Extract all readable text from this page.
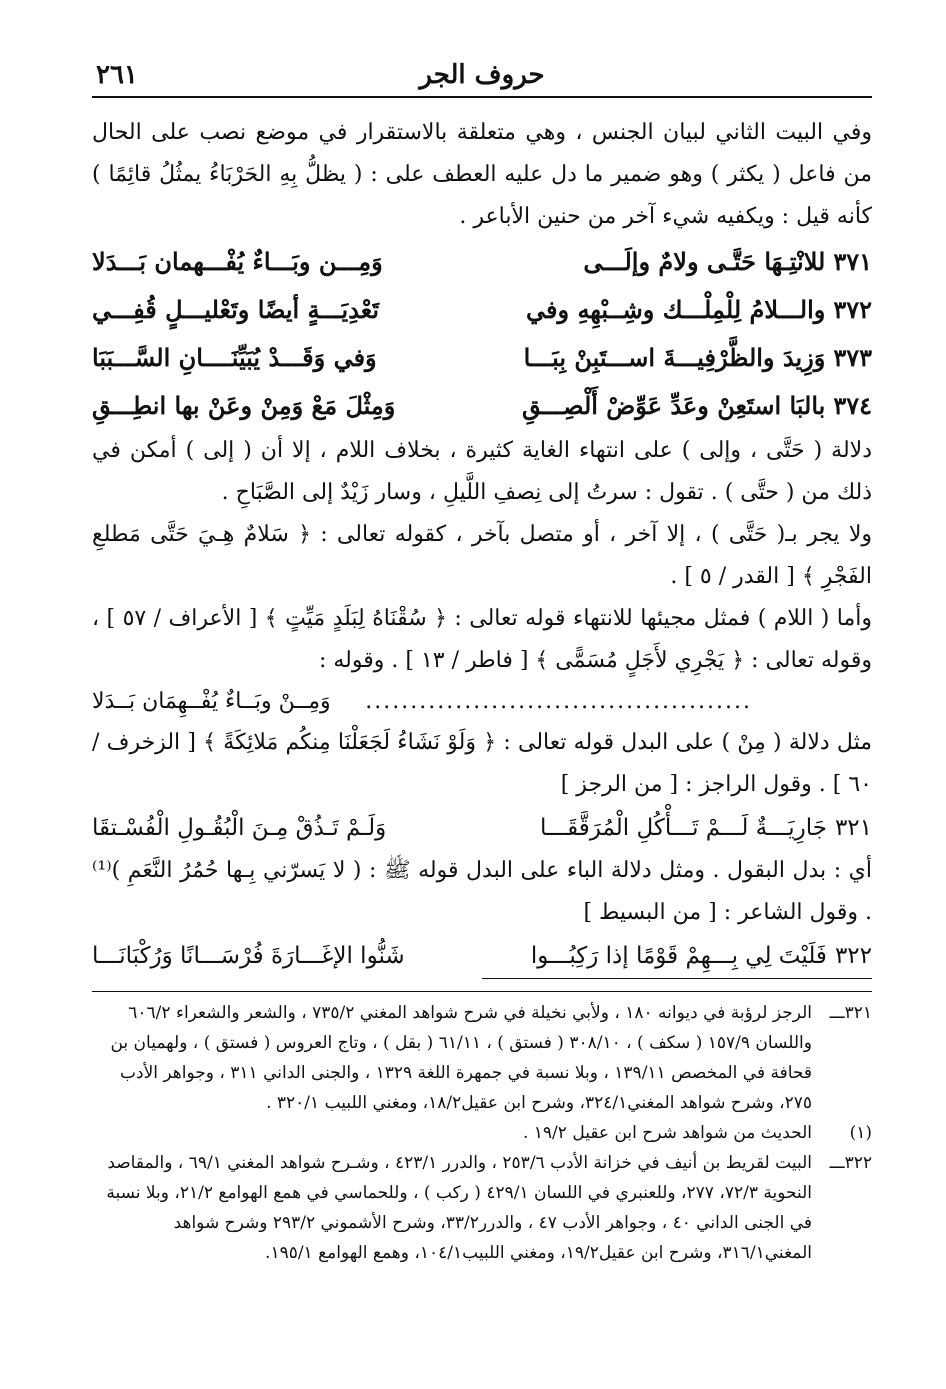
حروف الجر
٢٦١

وفي البيت الثاني لبيان الجنس ، وهي متعلقة بالاستقرار في موضع نصب على الحال من فاعل ( يكثر ) وهو ضمير ما دل عليه العطف على : ( يظلُّ بِهِ الحَرْبَاءُ يمثُلُ قائِمًا ) كأنه قيل : ويكفيه شيء آخر من حنين الأباعر .

٣٧١للانْتِـهَا حَتَّـى ولامٌ وإلَـــى
وَمِـــن وبَـــاءٌ يُفْـــهمان بَـــدَلا
٣٧٢والـــلامُ لِلْمِلْـــك وشِــبْهِهِ وفي
تَعْدِيَـــةٍ أيضًا وتَعْليـــلٍ قُفِـــي
٣٧٣وَزِيدَ والظَّرْفِيـــةَ اســـتَبِنْ بِبَـــا
وَفي وَقَـــدْ يُبَيِّنَــــانِ السَّـــبَبَا
٣٧٤بالبَا استَعِنْ وعَدِّ عَوِّضْ أَلْصِـــقِ
وَمِثْلَ مَعْ وَمِنْ وعَنْ بها انطِـــقِ

دلالة ( حَتَّى ، وإلى ) على انتهاء الغاية كثيرة ، بخلاف اللام ، إلا أن ( إلى ) أمكن في ذلك من ( حتَّى ) . تقول : سرتُ إلى نِصفِ اللَّيلِ ، وسار زَيْدٌ إلى الصَّبَاحِ .

ولا يجر بـ( حَتَّى ) ، إلا آخر ، أو متصل بآخر ، كقوله تعالى : ﴿ سَلامٌ هِـيَ حَتَّى مَطلعِ الفَجْرِ ﴾ [ القدر / ٥ ] .

وأما ( اللام ) فمثل مجيئها للانتهاء قوله تعالى : ﴿ سُقْنَاهُ لِبَلَدٍ مَيِّتٍ ﴾ [ الأعراف / ٥٧ ] ، وقوله تعالى : ﴿ يَجْرِي لأَجَلٍ مُسَمًّى ﴾ [ فاطر / ١٣ ] . وقوله :

...........................................
وَمِــنْ وبَــاءٌ يُفْــهِمَان بَــدَلا

مثل دلالة ( مِنْ ) على البدل قوله تعالى : ﴿ وَلَوْ نَشَاءُ لَجَعَلْنَا مِنكُم مَلائِكَةً ﴾ [ الزخرف / ٦٠ ] . وقول الراجز : [ من الرجز ]

٣٢١جَارِيَـــةٌ لَـــمْ تَـــأْكُلِ الْمُرَقَّقَـــا
وَلَـمْ تَـذُقْ مِـنَ الْبُقُـولِ الْفُسْـتقَا

أي : بدل البقول . ومثل دلالة الباء على البدل قوله ﷺ : ( لا يَسرّني بِـها حُمُرُ النَّعَمِ )⁽¹⁾ . وقول الشاعر : [ من البسيط ]

٣٢٢فَلَيْتَ لِي بِـــهِمْ قَوْمًا إذا رَكِبُـــوا
شَنُّوا الإغَـــارَةَ فُرْسَـــانًا وَرُكْبَانَـــا
٣٢١ـــ
الرجز لرؤبة في ديوانه ١٨٠ ، ولأبي نخيلة في شرح شواهد المغني ٧٣٥/٢ ، والشعر والشعراء ٦٠٦/٢ واللسان ١٥٧/٩ ( سكف ) ، ٣٠٨/١٠ ( فستق ) ، ٦١/١١ ( بقل ) ، وتاج العروس ( فستق ) ، ولهميان بن قحافة في المخصص ١٣٩/١١ ، وبلا نسبة في جمهرة اللغة ١٣٢٩ ، والجنى الداني ٣١١ ، وجواهر الأدب ٢٧٥، وشرح شواهد المغني٣٢٤/١، وشرح ابن عقيل١٨/٢، ومغني اللبيب ٣٢٠/١ .
(١)
الحديث من شواهد شرح ابن عقيل ١٩/٢ .
٣٢٢ـــ
البيت لقريط بن أنيف في خزانة الأدب ٢٥٣/٦ ، والدرر ٤٢٣/١ ، وشـرح شواهد المغني ٦٩/١ ، والمقاصد النحوية ٧٢/٣، ٢٧٧، وللعنبري في اللسان ٤٢٩/١ ( ركب ) ، وللحماسي في همع الهوامع ٢١/٢، وبلا نسبة في الجنى الداني ٤٠ ، وجواهر الأدب ٤٧ ، والدرر٣٣/٢، وشرح الأشموني ٢٩٣/٢ وشرح شواهد المغني٣١٦/١، وشرح ابن عقيل١٩/٢، ومغني اللبيب١٠٤/١، وهمع الهوامع ١٩٥/١.
